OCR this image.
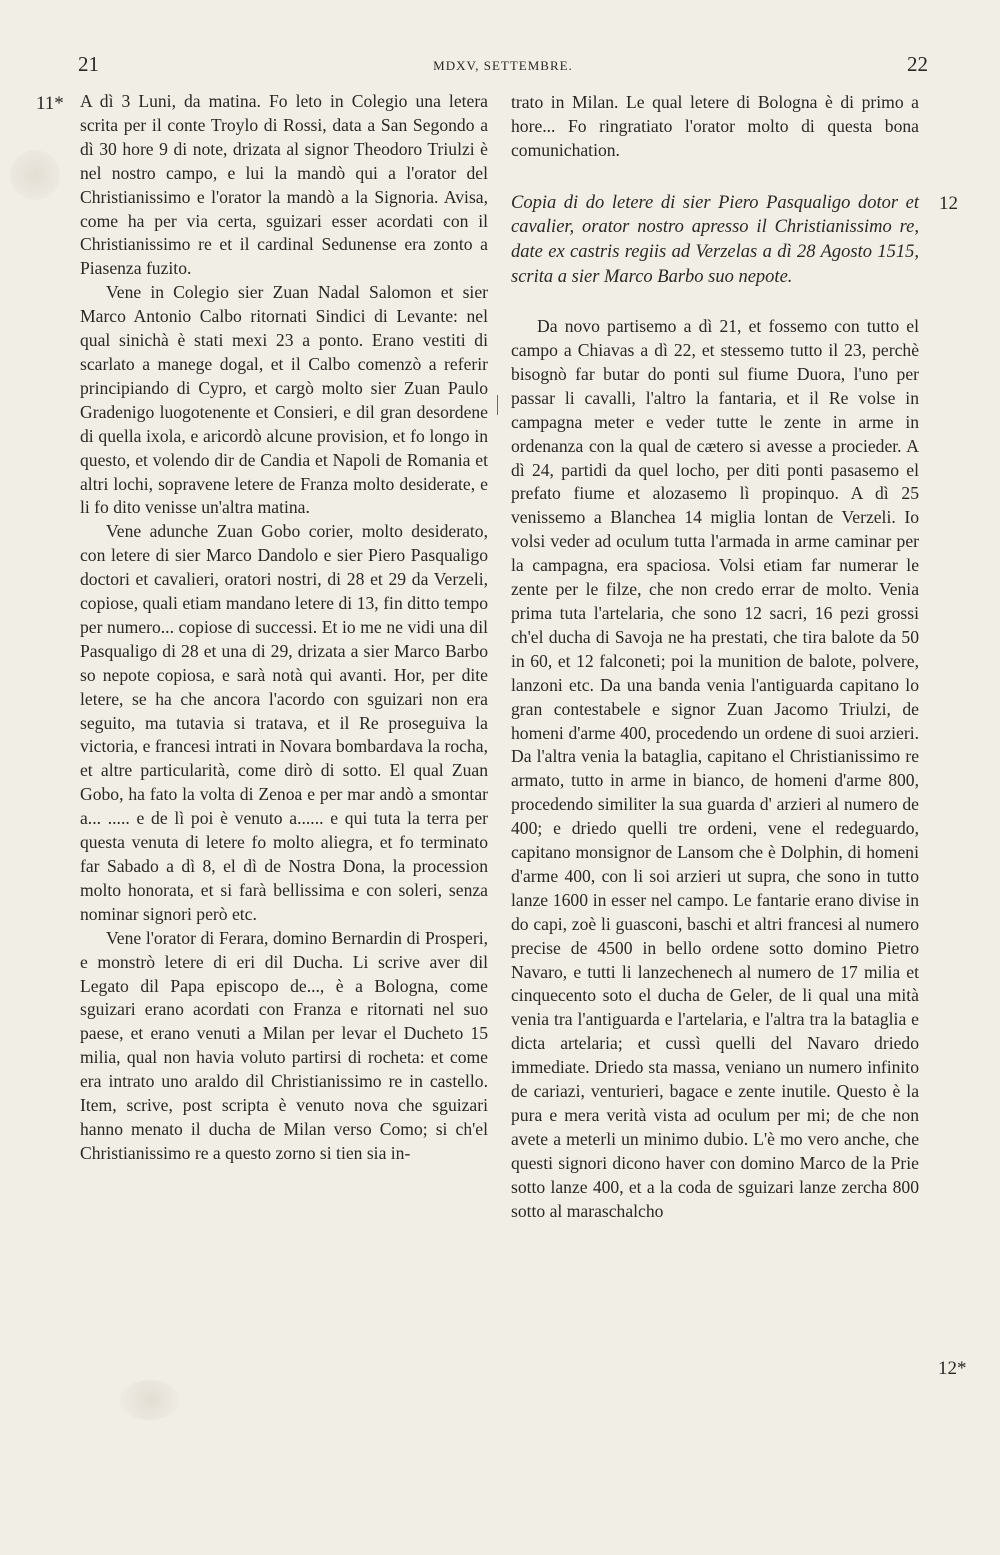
21	MDXV, SETTEMBRE.	22
11*
12
12*

A dì 3 Luni, da matina. Fo leto in Colegio una letera scrita per il conte Troylo di Rossi, data a San Segondo a dì 30 hore 9 di note, drizata al signor Theodoro Triulzi è nel nostro campo, e lui la mandò qui a l'orator del Christianissimo e l'orator la mandò a la Signoria. Avisa, come ha per via certa, sguizari esser acordati con il Christianissimo re et il cardinal Sedunense era zonto a Piasenza fuzito.

Vene in Colegio sier Zuan Nadal Salomon et sier Marco Antonio Calbo ritornati Sindici di Levante: nel qual sinichà è stati mexi 23 a ponto. Erano vestiti di scarlato a manege dogal, et il Calbo comenzò a referir principiando di Cypro, et cargò molto sier Zuan Paulo Gradenigo luogotenente et Consieri, e dil gran desordene di quella ixola, e aricordò alcune provision, et fo longo in questo, et volendo dir de Candia et Napoli de Romania et altri lochi, sopravene letere de Franza molto desiderate, e li fo dito venisse un'altra matina.

Vene adunche Zuan Gobo corier, molto desiderato, con letere di sier Marco Dandolo e sier Piero Pasqualigo doctori et cavalieri, oratori nostri, di 28 et 29 da Verzeli, copiose, quali etiam mandano letere di 13, fin ditto tempo per numero... copiose di successi. Et io me ne vidi una dil Pasqualigo di 28 et una di 29, drizata a sier Marco Barbo so nepote copiosa, e sarà notà qui avanti. Hor, per dite letere, se ha che ancora l'acordo con sguizari non era seguito, ma tutavia si tratava, et il Re proseguiva la victoria, e francesi intrati in Novara bombardava la rocha, et altre particularità, come dirò di sotto. El qual Zuan Gobo, ha fato la volta di Zenoa e per mar andò a smontar a... ..... e de lì poi è venuto a...... e qui tuta la terra per questa venuta di letere fo molto aliegra, et fo terminato far Sabado a dì 8, el dì de Nostra Dona, la procession molto honorata, et si farà bellissima e con soleri, senza nominar signori però etc.

Vene l'orator di Ferara, domino Bernardin di Prosperi, e monstrò letere di eri dil Ducha. Li scrive aver dil Legato dil Papa episcopo de..., è a Bologna, come sguizari erano acordati con Franza e ritornati nel suo paese, et erano venuti a Milan per levar el Ducheto 15 milia, qual non havia voluto partirsi di rocheta: et come era intrato uno araldo dil Christianissimo re in castello. Item, scrive, post scripta è venuto nova che sguizari hanno menato il ducha de Milan verso Como; si ch'el Christianissimo re a questo zorno si tien sia in-

trato in Milan. Le qual letere di Bologna è di primo a hore... Fo ringratiato l'orator molto di questa bona comunichation.

Copia di do letere di sier Piero Pasqualigo dotor et cavalier, orator nostro apresso il Christianissimo re, date ex castris regiis ad Verzelas a dì 28 Agosto 1515, scrita a sier Marco Barbo suo nepote.

Da novo partisemo a dì 21, et fossemo con tutto el campo a Chiavas a dì 22, et stessemo tutto il 23, perchè bisognò far butar do ponti sul fiume Duora, l'uno per passar li cavalli, l'altro la fantaria, et il Re volse in campagna meter e veder tutte le zente in arme in ordenanza con la qual de cætero si avesse a procieder. A dì 24, partidi da quel locho, per diti ponti pasasemo el prefato fiume et alozasemo lì propinquo. A dì 25 venissemo a Blanchea 14 miglia lontan de Verzeli. Io volsi veder ad oculum tutta l'armada in arme caminar per la campagna, era spaciosa. Volsi etiam far numerar le zente per le filze, che non credo errar de molto. Venia prima tuta l'artelaria, che sono 12 sacri, 16 pezi grossi ch'el ducha di Savoja ne ha prestati, che tira balote da 50 in 60, et 12 falconeti; poi la munition de balote, polvere, lanzoni etc. Da una banda venia l'antiguarda capitano lo gran contestabele e signor Zuan Jacomo Triulzi, de homeni d'arme 400, procedendo un ordene di suoi arzieri. Da l'altra venia la bataglia, capitano el Christianissimo re armato, tutto in arme in bianco, de homeni d'arme 800, procedendo similiter la sua guarda d' arzieri al numero de 400; e driedo quelli tre ordeni, vene el redeguardo, capitano monsignor de Lansom che è Dolphin, di homeni d'arme 400, con li soi arzieri ut supra, che sono in tutto lanze 1600 in esser nel campo. Le fantarie erano divise in do capi, zoè li guasconi, baschi et altri francesi al numero precise de 4500 in bello ordene sotto domino Pietro Navaro, e tutti li lanzechenech al numero de 17 milia et cinquecento soto el ducha de Geler, de li qual una mità venia tra l'antiguarda e l'artelaria, e l'altra tra la bataglia e dicta artelaria; et cussì quelli del Navaro driedo immediate. Driedo sta massa, veniano un numero infinito de cariazi, venturieri, bagace e zente inutile. Questo è la pura e mera verità vista ad oculum per mi; de che non avete a meterli un minimo dubio. L'è mo vero anche, che questi signori dicono haver con domino Marco de la Prie sotto lanze 400, et a la coda de sguizari lanze zercha 800 sotto al maraschalcho
